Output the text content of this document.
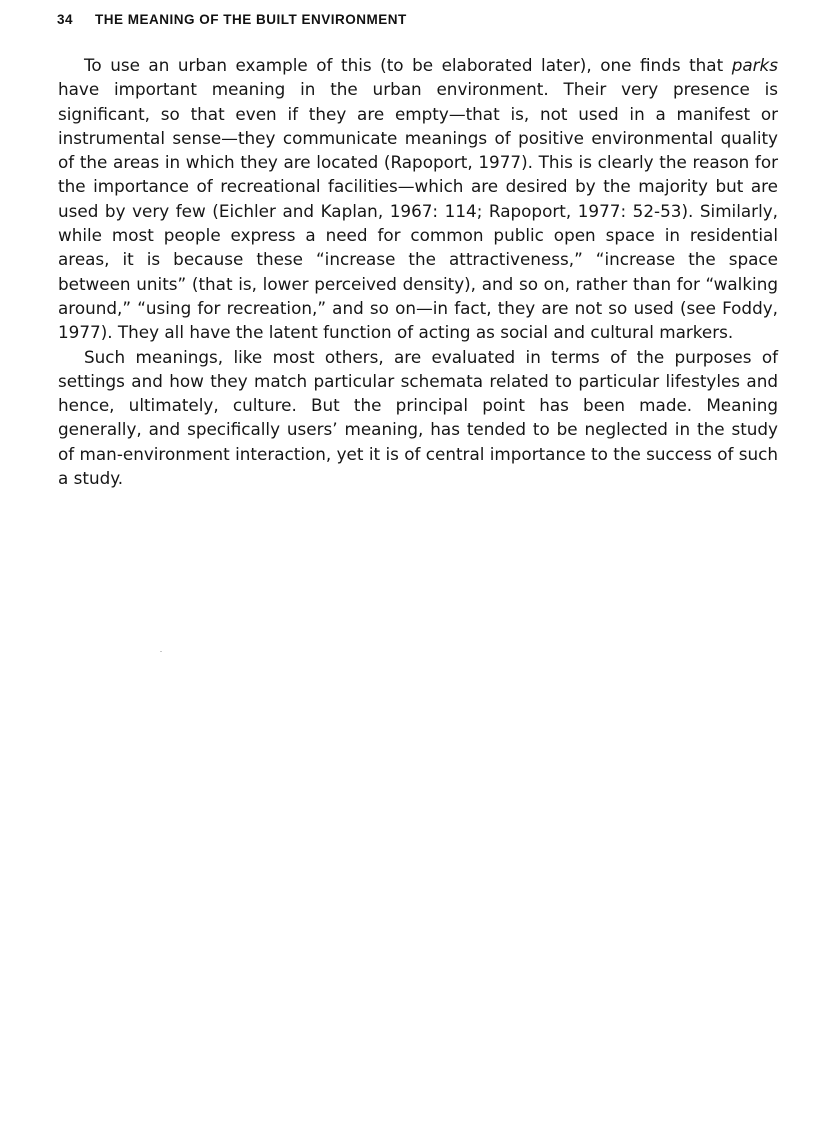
34 THE MEANING OF THE BUILT ENVIRONMENT

To use an urban example of this (to be elaborated later), one finds that parks have important meaning in the urban environment. Their very presence is significant, so that even if they are empty—that is, not used in a manifest or instrumental sense—they communicate meanings of positive environmental quality of the areas in which they are located (Rapoport, 1977). This is clearly the reason for the importance of recreational facilities—which are desired by the majority but are used by very few (Eichler and Kaplan, 1967: 114; Rapoport, 1977: 52-53). Similarly, while most people express a need for common public open space in residential areas, it is because these “increase the attractiveness,” “increase the space between units” (that is, lower perceived density), and so on, rather than for “walking around,” “using for recreation,” and so on—in fact, they are not so used (see Foddy, 1977). They all have the latent function of acting as social and cultural markers.

Such meanings, like most others, are evaluated in terms of the purposes of settings and how they match particular schemata related to particular lifestyles and hence, ultimately, culture. But the principal point has been made. Meaning generally, and specifically users’ meaning, has tended to be neglected in the study of man-environment interaction, yet it is of central importance to the success of such a study.
